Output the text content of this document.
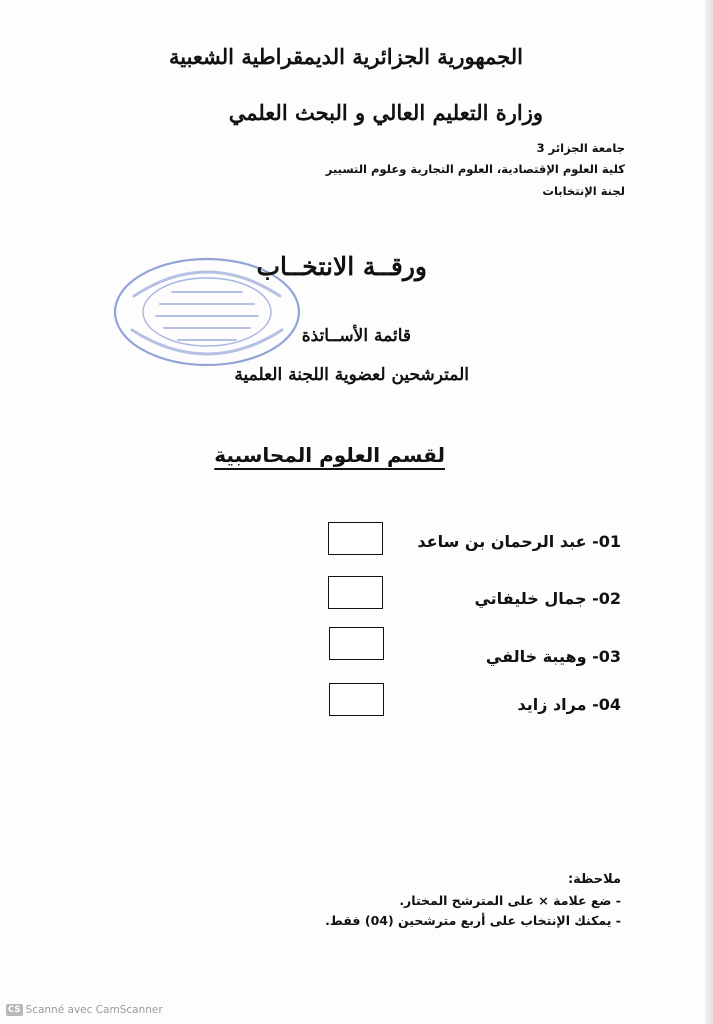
الجمهورية الجزائرية الديمقراطية الشعبية
وزارة التعليم العالي و البحث العلمي
جامعة الجزائر 3
كلية العلوم الإقتصادية، العلوم التجارية وعلوم التسيير
لجنة الإنتخابات
ورقــة الانتخــاب
قائمة الأســاتذة
المترشحين لعضوية اللجنة العلمية
لقسم العلوم المحاسبية
01- عبد الرحمان بن ساعد
02- جمال خليفاتي
03- وهيبة خالفي
04- مراد زايد
ملاحظة:
- ضع علامة × على المترشح المختار.
- يمكنك الإنتخاب على أربع مترشحين (04) فقط.
CS Scanné avec CamScanner
